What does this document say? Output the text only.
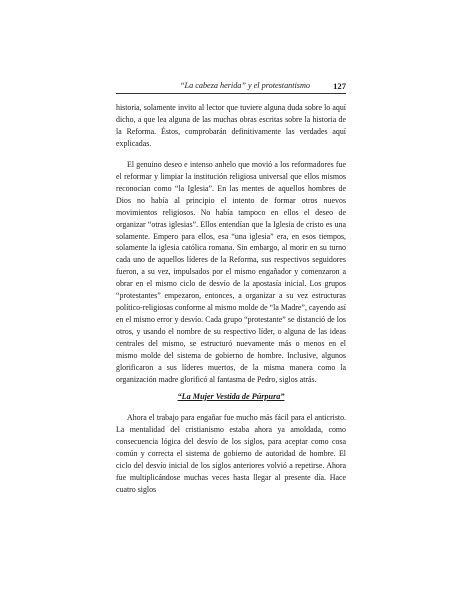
“La cabeza herida” y el protestantismo	127

historia, solamente invito al lector que tuviere alguna duda sobre lo aquí dicho, a que lea alguna de las muchas obras escritas sobre la historia de la Reforma. Éstos, comprobarán definitivamente las verdades aquí explicadas.

El genuino deseo e intenso anhelo que movió a los reformadores fue el reformar y limpiar la institución religiosa universal que ellos mismos reconocían como “la Iglesia”. En las mentes de aquellos hombres de Dios no había al principio el intento de formar otros nuevos movimientos religiosos. No había tampoco en ellos el deseo de organizar “otras iglesias”. Ellos entendían que la Iglesia de cristo es una solamente. Empero para ellos, esa “una iglesia” era, en esos tiempos, solamente la iglesia católica romana. Sin embargo, al morir en su turno cada uno de aquellos líderes de la Reforma, sus respectivos seguidores fueron, a su vez, impulsados por el mismo engañador y comenzaron a obrar en el mismo ciclo de desvío de la apostasía inicial. Los grupos “protestantes” empezaron, entonces, a organizar a su vez estructuras político-religiosas conforme al mismo molde de “la Madre”, cayendo así en el mismo error y desvío. Cada grupo “protestante” se distanció de los otros, y usando el nombre de su respectivo líder, o alguna de las ideas centrales del mismo, se estructuró nuevamente más o menos en el mismo molde del sistema de gobierno de hombre. Inclusive, algunos glorificaron a sus líderes muertos, de la misma manera como la organización madre glorificó al fantasma de Pedro, siglos atrás.

“La Mujer Vestida de Púrpura”

Ahora el trabajo para engañar fue mucho más fácil para el anticristo. La mentalidad del cristianismo estaba ahora ya amoldada, como consecuencia lógica del desvío de los siglos, para aceptar como cosa común y correcta el sistema de gobierno de autoridad de hombre. El ciclo del desvío inicial de los siglos anteriores volvió a repetirse. Ahora fue multiplicándose muchas veces hasta llegar al presente día. Hace cuatro siglos
